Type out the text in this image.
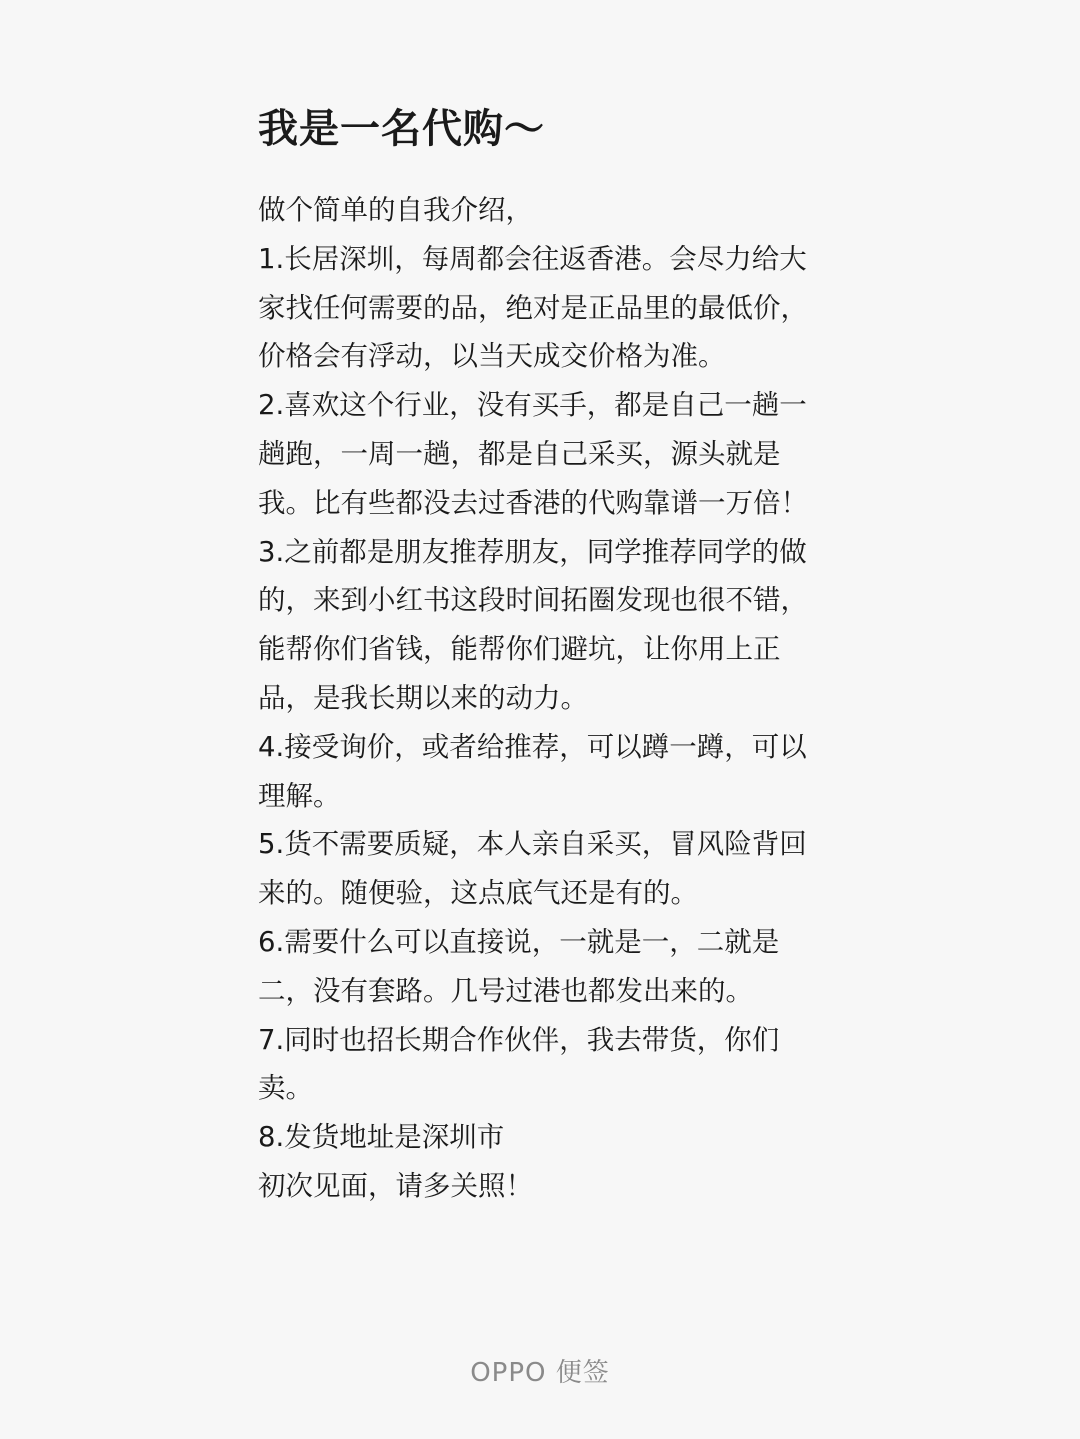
我是一名代购～

做个简单的自我介绍，

1.长居深圳，每周都会往返香港。会尽力给大家找任何需要的品，绝对是正品里的最低价，价格会有浮动，以当天成交价格为准。

2.喜欢这个行业，没有买手，都是自己一趟一趟跑，一周一趟，都是自己采买，源头就是我。比有些都没去过香港的代购靠谱一万倍！

3.之前都是朋友推荐朋友，同学推荐同学的做的，来到小红书这段时间拓圈发现也很不错，能帮你们省钱，能帮你们避坑，让你用上正品，是我长期以来的动力。

4.接受询价，或者给推荐，可以蹲一蹲，可以理解。

5.货不需要质疑，本人亲自采买，冒风险背回来的。随便验，这点底气还是有的。

6.需要什么可以直接说，一就是一，二就是二，没有套路。几号过港也都发出来的。

7.同时也招长期合作伙伴，我去带货，你们卖。

8.发货地址是深圳市

初次见面，请多关照！

OPPO 便签
